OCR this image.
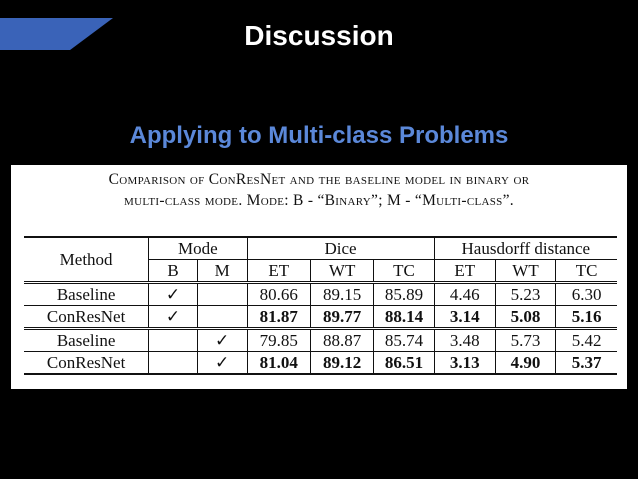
Discussion
Applying to Multi-class Problems
Comparison of ConResNet and the baseline model in binary or
multi-class mode. Mode: B - “Binary”; M - “Multi-class”.
Method	Mode		Dice			Hausdorff distance		
	B	M	ET	WT	TC	ET	WT	TC
Baseline	✓		80.66	89.15	85.89	4.46	5.23	6.30
ConResNet	✓		81.87	89.77	88.14	3.14	5.08	5.16
Baseline		✓	79.85	88.87	85.74	3.48	5.73	5.42
ConResNet		✓	81.04	89.12	86.51	3.13	4.90	5.37
